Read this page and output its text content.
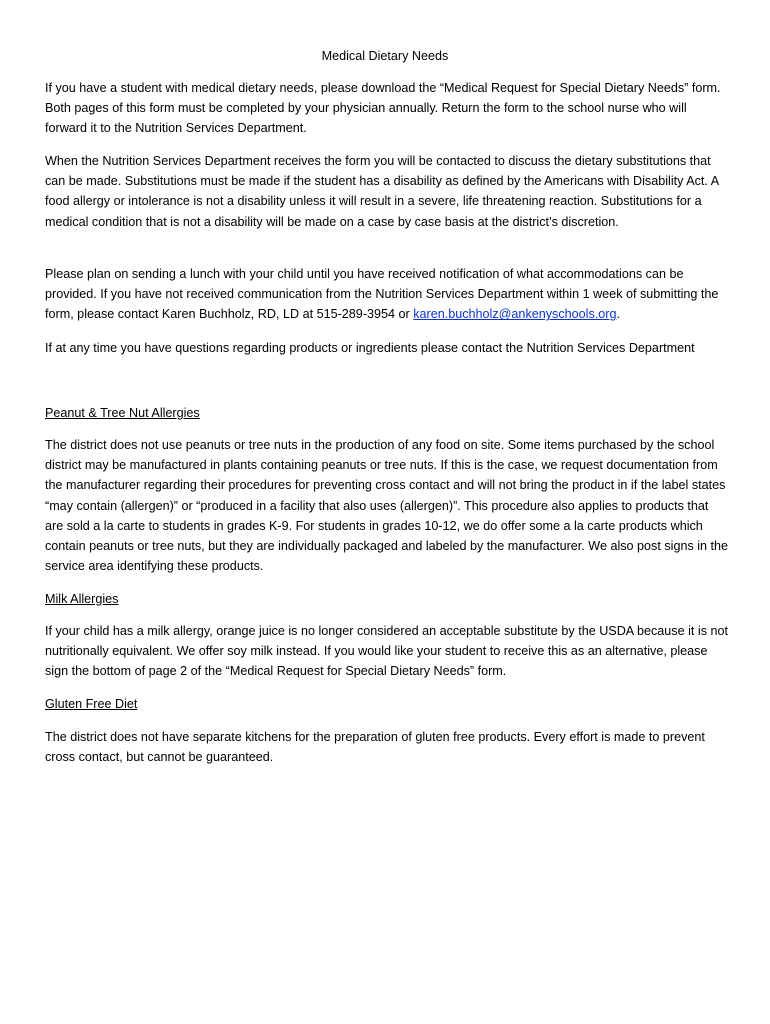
Medical Dietary Needs

If you have a student with medical dietary needs, please download the “Medical Request for Special Dietary Needs” form. Both pages of this form must be completed by your physician annually. Return the form to the school nurse who will forward it to the Nutrition Services Department.

When the Nutrition Services Department receives the form you will be contacted to discuss the dietary substitutions that can be made. Substitutions must be made if the student has a disability as defined by the Americans with Disability Act. A food allergy or intolerance is not a disability unless it will result in a severe, life threatening reaction. Substitutions for a medical condition that is not a disability will be made on a case by case basis at the district’s discretion.

Please plan on sending a lunch with your child until you have received notification of what accommodations can be provided. If you have not received communication from the Nutrition Services Department within 1 week of submitting the form, please contact Karen Buchholz, RD, LD at 515-289-3954 or karen.buchholz@ankenyschools.org.

If at any time you have questions regarding products or ingredients please contact the Nutrition Services Department

Peanut & Tree Nut Allergies

The district does not use peanuts or tree nuts in the production of any food on site. Some items purchased by the school district may be manufactured in plants containing peanuts or tree nuts. If this is the case, we request documentation from the manufacturer regarding their procedures for preventing cross contact and will not bring the product in if the label states “may contain (allergen)” or “produced in a facility that also uses (allergen)”. This procedure also applies to products that are sold a la carte to students in grades K-9. For students in grades 10-12, we do offer some a la carte products which contain peanuts or tree nuts, but they are individually packaged and labeled by the manufacturer. We also post signs in the service area identifying these products.

Milk Allergies

If your child has a milk allergy, orange juice is no longer considered an acceptable substitute by the USDA because it is not nutritionally equivalent. We offer soy milk instead. If you would like your student to receive this as an alternative, please sign the bottom of page 2 of the “Medical Request for Special Dietary Needs” form.

Gluten Free Diet

The district does not have separate kitchens for the preparation of gluten free products. Every effort is made to prevent cross contact, but cannot be guaranteed.
